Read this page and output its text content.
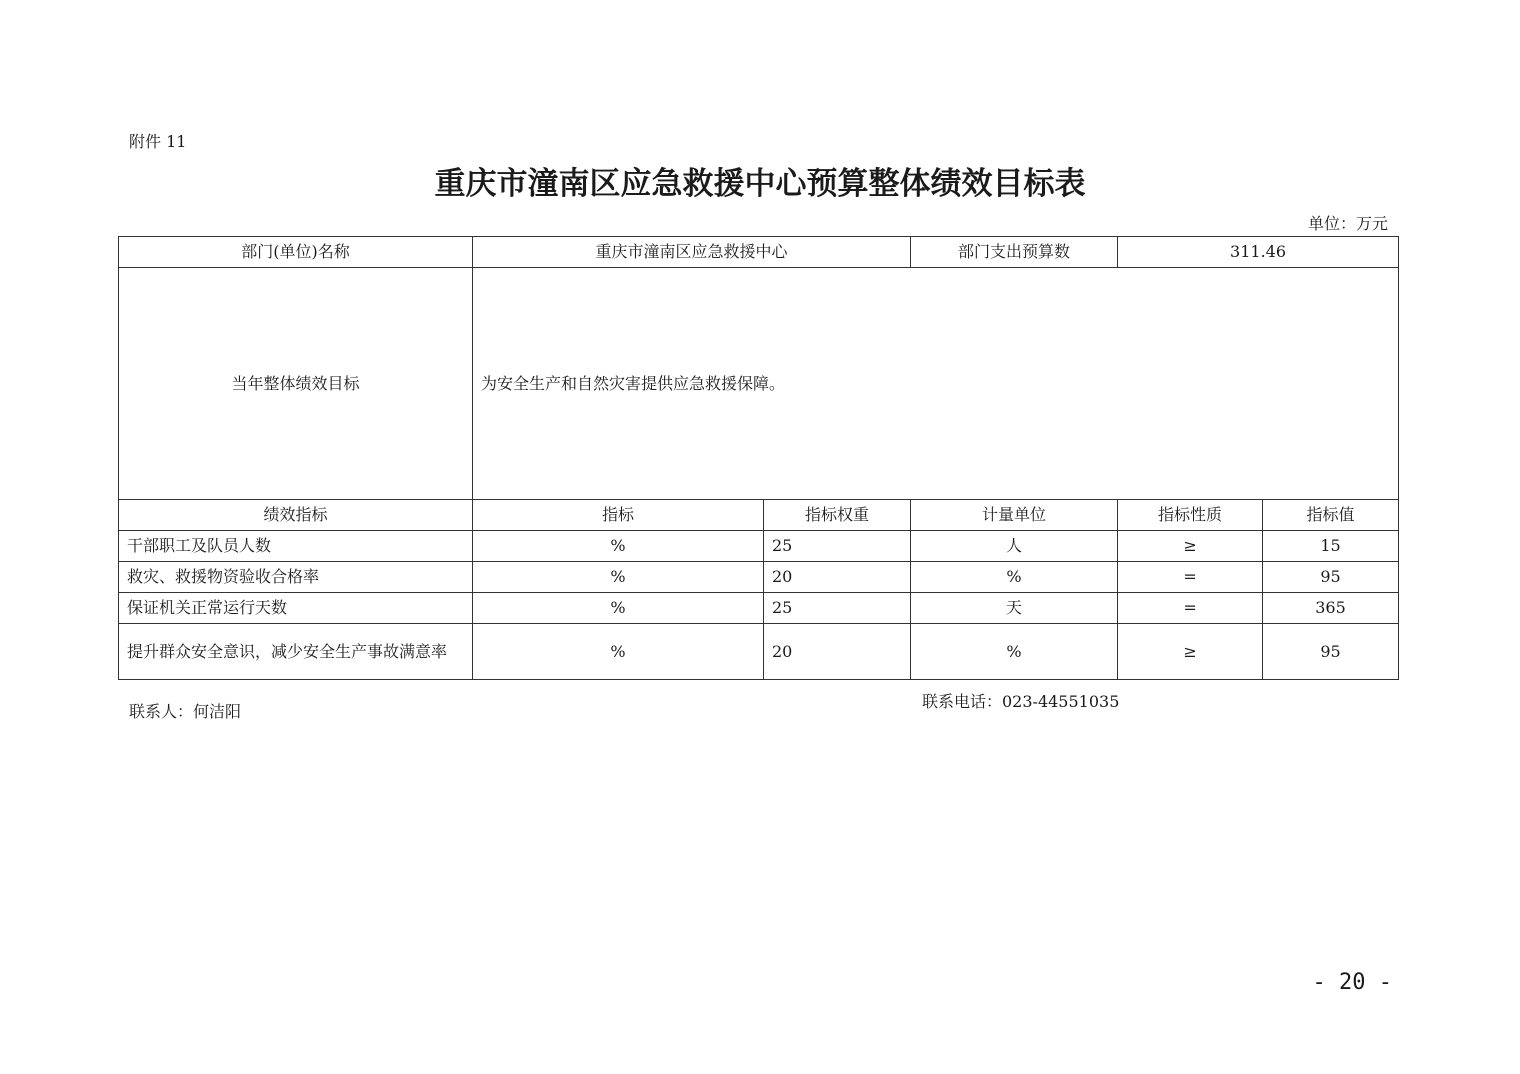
附件 11
重庆市潼南区应急救援中心预算整体绩效目标表
单位：万元
部门(单位)名称	重庆市潼南区应急救援中心		部门支出预算数	311.46	
当年整体绩效目标	为安全生产和自然灾害提供应急救援保障。				
绩效指标	指标	指标权重	计量单位	指标性质	指标值
干部职工及队员人数	%	25	人	≥	15
救灾、救援物资验收合格率	%	20	%	=	95
保证机关正常运行天数	%	25	天	=	365
提升群众安全意识，减少安全生产事故满意率	%	20	%	≥	95
联系人：何洁阳
联系电话：023-44551035
- 20 -
